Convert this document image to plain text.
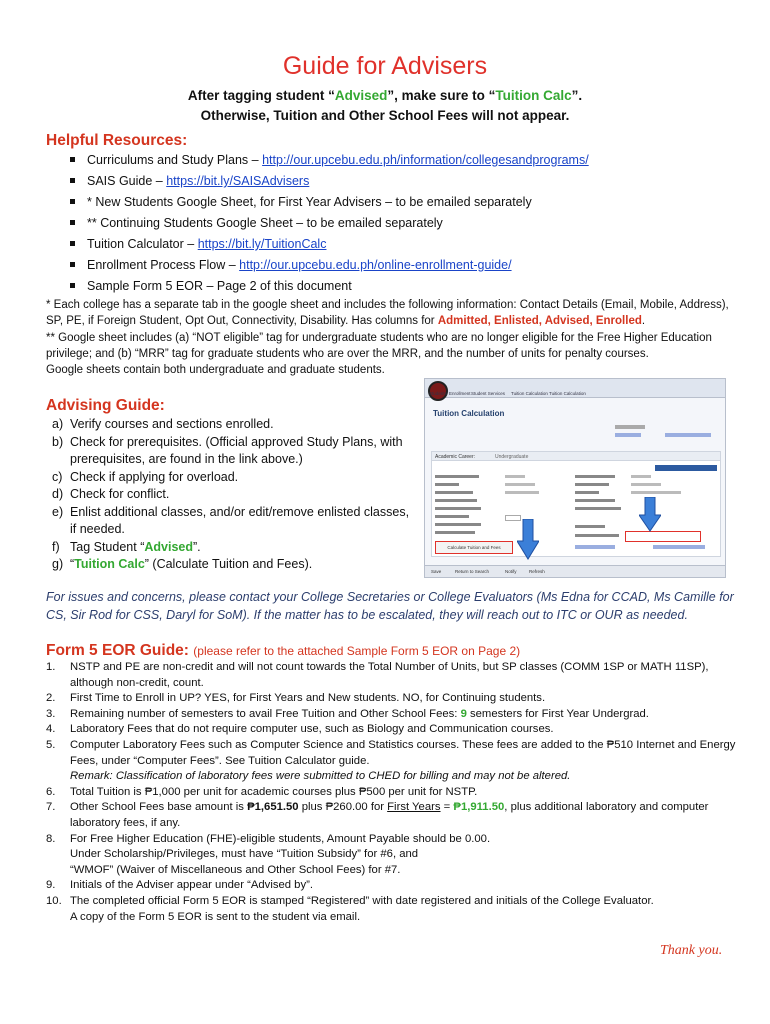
Guide for Advisers
After tagging student “Advised”, make sure to “Tuition Calc”.
Otherwise, Tuition and Other School Fees will not appear.
Helpful Resources:
Curriculums and Study Plans – http://our.upcebu.edu.ph/information/collegesandprograms/
SAIS Guide – https://bit.ly/SAISAdvisers
* New Students Google Sheet, for First Year Advisers – to be emailed separately
** Continuing Students Google Sheet – to be emailed separately
Tuition Calculator – https://bit.ly/TuitionCalc
Enrollment Process Flow – http://our.upcebu.edu.ph/online-enrollment-guide/
Sample Form 5 EOR – Page 2 of this document

* Each college has a separate tab in the google sheet and includes the following information: Contact Details (Email, Mobile, Address), SP, PE, if Foreign Student, Opt Out, Connectivity, Disability. Has columns for Admitted, Enlisted, Advised, Enrolled.

** Google sheet includes (a) “NOT eligible” tag for undergraduate students who are no longer eligible for the Free Higher Education privilege; and (b) “MRR” tag for graduate students who are over the MRR, and the number of units for penalty courses.

Google sheets contain both undergraduate and graduate students.

Advising Guide:
a) Verify courses and sections enrolled.
b) Check for prerequisites. (Official approved Study Plans, with prerequisites, are found in the link above.)
c) Check if applying for overload.
d) Check for conflict.
e) Enlist additional classes, and/or edit/remove enlisted classes, if needed.
f) Tag Student “Advised”.
g) “Tuition Calc” (Calculate Tuition and Fees).
Students Enrollment Student Services Tuition Calculation Tuition Calculation
Tuition Calculation
Academic Career:	Undergraduate
Calculate Tuition and Fees
Save	Return to Search	Notify	Refresh
For issues and concerns, please contact your College Secretaries or College Evaluators (Ms Edna for CCAD, Ms Camille for CS, Sir Rod for CSS, Daryl for SoM). If the matter has to be escalated, they will reach out to ITC or OUR as needed.
Form 5 EOR Guide: (please refer to the attached Sample Form 5 EOR on Page 2)
1. NSTP and PE are non-credit and will not count towards the Total Number of Units, but SP classes (COMM 1SP or MATH 11SP), although non-credit, count.
2. First Time to Enroll in UP? YES, for First Years and New students. NO, for Continuing students.
3. Remaining number of semesters to avail Free Tuition and Other School Fees: 9 semesters for First Year Undergrad.
4. Laboratory Fees that do not require computer use, such as Biology and Communication courses.
5. Computer Laboratory Fees such as Computer Science and Statistics courses. These fees are added to the ₱510 Internet and Energy Fees, under “Computer Fees”. See Tuition Calculator guide.
Remark: Classification of laboratory fees were submitted to CHED for billing and may not be altered.
6. Total Tuition is ₱1,000 per unit for academic courses plus ₱500 per unit for NSTP.
7. Other School Fees base amount is ₱1,651.50 plus ₱260.00 for First Years = ₱1,911.50, plus additional laboratory and computer laboratory fees, if any.
8. For Free Higher Education (FHE)-eligible students, Amount Payable should be 0.00.
Under Scholarship/Privileges, must have “Tuition Subsidy” for #6, and
“WMOF” (Waiver of Miscellaneous and Other School Fees) for #7.
9. Initials of the Adviser appear under “Advised by”.
10. The completed official Form 5 EOR is stamped “Registered” with date registered and initials of the College Evaluator.
A copy of the Form 5 EOR is sent to the student via email.
Thank you.
